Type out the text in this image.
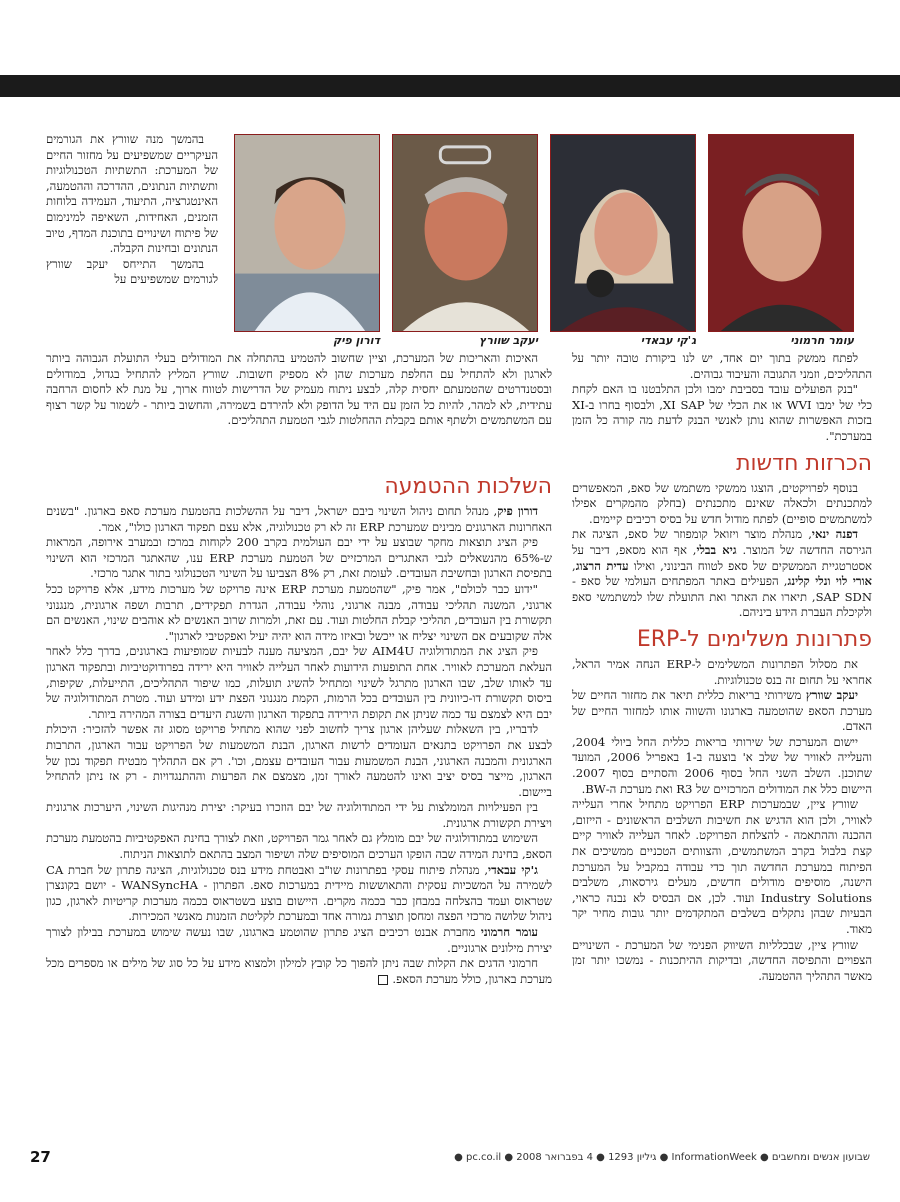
בהמשך מנה שוורץ את הגורמים העיקריים שמשפיעים על מחזור החיים של המערכת: התשתיות הטכנולוגיות ותשתיות הנתונים, ההדרכה וההטמעה, האינטגרציה, התיעוד, העמידה בלוחות הזמנים, האחידות, השאיפה למינימום של פיתוח ושינויים בתוכנת המדף, טיוב הנתונים ובחינות הקבלה.

בהמשך התייחס יעקב שוורץ לגורמים שמשפיעים על

דורון פיק	יעקב שוורץ	ג'קי עבאדי	עומר חרמוני

האיכות והאריכות של המערכת, וציין שחשוב להטמיע בהתחלה את המודולים בעלי התועלת הגבוהה ביותר לארגון ולא להתחיל עם החלפת מערכות שהן לא מספיק חשובות. שוורץ המליץ להתחיל בגדול, במודולים ובסטנדרטים שהטמעתם יחסית קלה, לבצע ניתוח מעמיק של הדרישות לטווח ארוך, על מנת לא לחסום הרחבה עתידית, לא למהר, להיות כל הזמן עם היד על הדופק ולא להירדם בשמירה, והחשוב ביותר - לשמור על קשר רצוף עם המשתמשים ולשתף אותם בקבלת ההחלטות לגבי הטמעת התהליכים.

לפתח ממשק בתוך יום אחד, יש לנו ביקורת טובה יותר על התהליכים, וזמני התגובה והעיבוד גבוהים.

"בנק הפועלים עובד בסביבת ימבו ולכן התלבטנו בו האם לקחת כלי של ימבו WVI או את הכלי של XI SAP, ולבסוף בחרו ב-XI בזכות האפשרות שהוא נותן לאנשי הבנק לדעת מה קורה כל הזמן במערכת".

הכרזות חדשות

בנוסף לפרויקטים, הוצגו ממשקי משתמש של סאפ, המאפשרים למתכנתים ולכאלה שאינם מתכנתים (בחלק מהמקרים אפילו למשתמשים סופיים) לפתח מודול חדש על בסיס רכיבים קיימים.

דפנה ינאי, מנהלת מוצר ויזואל קומפוזר של סאפ, הציגה את הגירסה החדשה של המוצר. גיא בבלי, אף הוא מסאפ, דיבר על אסטרטגיית הממשקים של סאפ לטווח הבינוני, ואילו עדית הרצוג, אורי לוי ונלי קלינג, הפעילים באתר המפתחים העולמי של סאפ - SAP SDN, תיארו את האתר ואת התועלת שלו למשתמשי סאפ ולקיכלת העברת הידע ביניהם.

פתרונות משלימים ל-ERP

את מסלול הפתרונות המשלימים ל-ERP הנחה אמיר הראל, אחראי על תחום זה בנס טכנולוגיות.

יעקב שוורץ משירותי בריאות כללית תיאר את מחזור החיים של מערכת הסאפ שהוטמעה בארגונו והשווה אותו למחזור החיים של האדם.

יישום המערכת של שירותי בריאות כללית החל ביולי 2004, והעלייה לאוויר של שלב א' בוצעה ב-1 באפריל 2006, המועד שתוכנן. השלב השני החל בסוף 2006 והסתיים בסוף 2007. היישום כלל את המודולים המרכזיים של R3 ואת מערכת ה-BW.

שוורץ ציין, שבמערכות ERP הפרויקט מתחיל אחרי העלייה לאוויר, ולכן הוא הדגיש את חשיבות השלבים הראשונים - הייזום, ההכנה וההתאמה - להצלחת הפרויקט. לאחר העלייה לאוויר קיים קצת בלבול בקרב המשתמשים, והצוותים הטכניים ממשיכים את הפיתוח במערכת החדשה תוך כדי עבודה במקביל על המערכת הישנה, מוסיפים מודולים חדשים, מעלים גירסאות, משלבים Industry Solutions ועוד. לכן, אם הבסיס לא נבנה כראוי, הבעיות שבהן נתקלים בשלבים המתקדמים יותר גובות מחיר יקר מאוד.

שוורץ ציין, שבכלליות השיווק הפנימי של המערכת - השינויים הצפויים והתפיסה החדשה, ובדיקות ההיתכנות - נמשכו יותר זמן מאשר התהליך ההטמעה.

השלכות ההטמעה

דורון פיק, מנהל תחום ניהול השינוי ביבם ישראל, דיבר על ההשלכות בהטמעת מערכת סאפ בארגון. "בשנים האחרונות הארגונים מבינים שמערכת ERP זה לא רק טכנולוגיה, אלא עצם תפקוד הארגון כולו", אמר.

פיק הציג תוצאות מחקר שבוצע על ידי יבם העולמית בקרב 200 לקוחות במרכז ובמערב אירופה, המראות ש-65% מהנשאלים לגבי האתגרים המרכזיים של הטמעת מערכת ERP ענו, שהאתגר המרכזי הוא השינוי בתפיסת הארגון ובחשיבת העובדים. לעומת זאת, רק 8% הצביעו על השינוי הטכנולוגי בתור אתגר מרכזי.

"ידוע כבר לכולם", אמר פיק, "שהטמעת מערכת ERP אינה פרויקט של מערכות מידע, אלא פרויקט ככל ארגוני, המשנה תהליכי עבודה, מבנה ארגוני, נוהלי עבודה, הגדרת תפקידים, תרבות ושפה ארגונית, מנגנוני תקשורת בין העובדים, תהליכי קבלת החלטות ועוד. עם זאת, ולמרות שרוב האנשים לא אוהבים שינוי, האנשים הם אלה שקובעים אם השינוי יצליח או ייכשל ובאיזו מידה הוא יהיה יעיל ואפקטיבי לארגון".

פיק הציג את המתודולוגיה AIM4U של יבם, המציעה מענה לבעיות שמופיעות בארגונים, בדרך כלל לאחר העלאת המערכת לאוויר. אחת התופעות הידועות לאחר העלייה לאוויר היא ירידה בפרודוקטיביות ובתפקוד הארגון עד לאותו שלב, שבו הארגון מתרגל לשינוי ומתחיל להשיג תועלות, כמו שיפור התהליכים, התייעלות, שקיפות, ביסוס תקשורת דו-כיוונית בין העובדים בכל הרמות, הקמת מנגנוני הפצת ידע ומידע ועוד. מטרת המתודולוגיה של יבם היא לצמצם עד כמה שניתן את תקופת הירידה בתפקוד הארגון והשגת היעדים בצורה המהירה ביותר.

לדבריו, בין השאלות שעליהן ארגון צריך לחשוב לפני שהוא מתחיל פרויקט מסוג זה אפשר להזכיר: היכולת לבצע את הפרויקט בתנאים העומדים לרשות הארגון, הבנת המשמעות של הפרויקט עבור הארגון, התרבות הארגונית והמבנה הארגוני, הבנת המשמעות עבור העובדים עצמם, וכו'. רק אם התהליך מבטיח תפקוד נכון של הארגון, מייצר בסיס יציב ואינו להטמעה לאורך זמן, מצמצם את הפרעות וההתנגדויות - רק אז ניתן להתחיל ביישום.

בין הפעילויות המומלצות על ידי המתודולוגיה של יבם הוזכרו בעיקר: יצירת מנהיגות השינוי, היערכות ארגונית ויצירת תקשורת ארגונית.

השימוש במתודולוגיה של יבם מומלץ גם לאחר גמר הפרויקט, וזאת לצורך בחינת האפקטיביות בהטמעת מערכת הסאפ, בחינת המידה שבה הופקו הערכים המוסיפים שלה ושיפור המצב בהתאם לתוצאות הניתוח.

ג'קי עבאדי, מנהלת פיתוח עסקי בפתרונות שו"ב ואבטחת מידע בנס טכנולוגיות, הציגה פתרון של חברת CA לשמירה על המשכיות עסקית והתאוששות מיידית במערכות סאפ. הפתרון - WANSyncHA - יושם בקונצרן שטראוס ועמד בהצלחה במבחן כבר בכמה מקרים. היישום בוצע בשטראוס בכמה מערכות קריטיות לארגון, כגון ניהול שלושה מרכזי הפצה ומחסן תוצרת גמורה אחד ובמערכת לקליטת הזמנות מאנשי המכירות.

עומר חרמוני מחברת אבנט רכיבים הציג פתרון שהוטמע בארגונו, שבו נעשה שימוש במערכת בבילון לצורך יצירת מילונים ארגוניים.

חרמוני הדגים את הקלות שבה ניתן להפוך כל קובץ למילון ולמצוא מידע על כל סוג של מילים או מספרים מכל מערכת בארגון, כולל מערכת הסאפ.

27	שבועון אנשים ומחשבים ● InformationWeek ● גיליון 1293 ● 4 בפברואר 2008 ● pc.co.il ●
